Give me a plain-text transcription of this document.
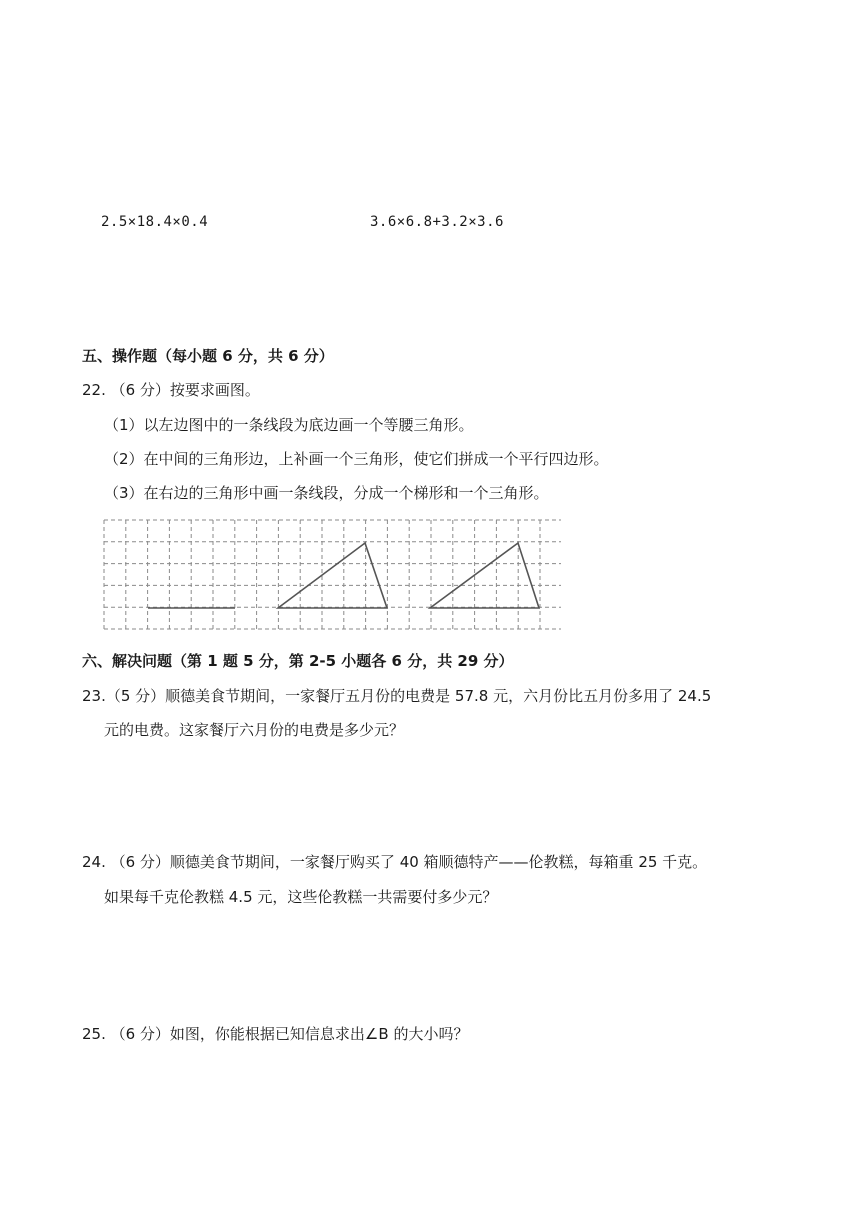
2.5×18.4×0.4	3.6×6.8+3.2×3.6
五、操作题（每小题 6 分，共 6 分）
22. （6 分）按要求画图。
（1）以左边图中的一条线段为底边画一个等腰三角形。
（2）在中间的三角形边，上补画一个三角形，使它们拼成一个平行四边形。
（3）在右边的三角形中画一条线段，分成一个梯形和一个三角形。
六、解决问题（第 1 题 5 分，第 2-5 小题各 6 分，共 29 分）
23.（5 分）顺德美食节期间，一家餐厅五月份的电费是 57.8 元，六月份比五月份多用了 24.5
元的电费。这家餐厅六月份的电费是多少元？
24. （6 分）顺德美食节期间，一家餐厅购买了 40 箱顺德特产——伦教糕，每箱重 25 千克。
如果每千克伦教糕 4.5 元，这些伦教糕一共需要付多少元？
25. （6 分）如图，你能根据已知信息求出∠B 的大小吗？
